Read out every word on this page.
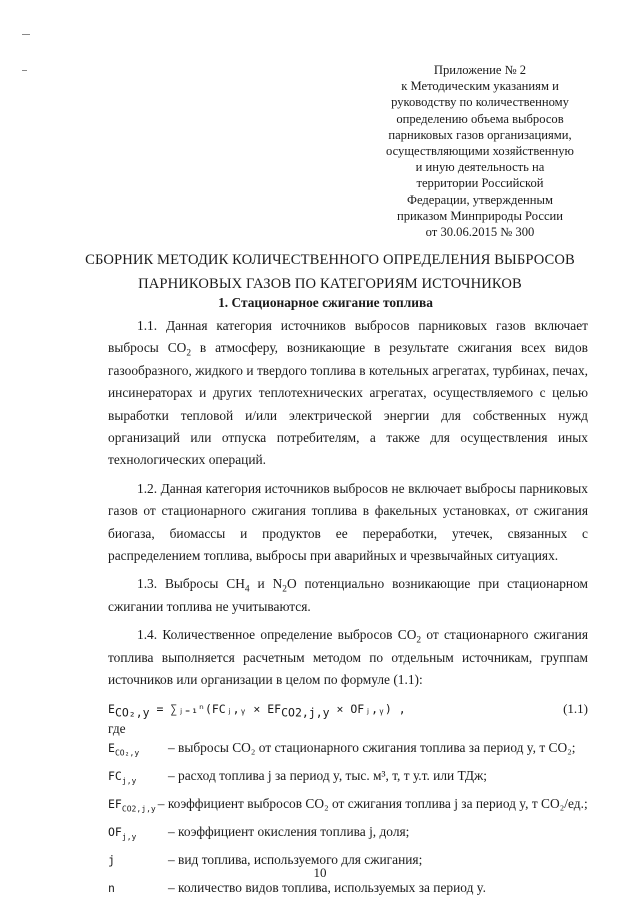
Приложение № 2
к Методическим указаниям и
руководству по количественному
определению объема выбросов
парниковых газов организациями,
осуществляющими хозяйственную
и иную деятельность на
территории Российской
Федерации, утвержденным
приказом Минприроды России
от 30.06.2015 № 300
СБОРНИК МЕТОДИК КОЛИЧЕСТВЕННОГО ОПРЕДЕЛЕНИЯ ВЫБРОСОВ
ПАРНИКОВЫХ ГАЗОВ ПО КАТЕГОРИЯМ ИСТОЧНИКОВ
1. Стационарное сжигание топлива

1.1. Данная категория источников выбросов парниковых газов включает выбросы $CO_2$ в атмосферу, возникающие в результате сжигания всех видов газообразного, жидкого и твердого топлива в котельных агрегатах, турбинах, печах, инсинераторах и других теплотехнических агрегатах, осуществляемого с целью выработки тепловой и/или электрической энергии для собственных нужд организаций или отпуска потребителям, а также для осуществления иных технологических операций.

1.2. Данная категория источников выбросов не включает выбросы парниковых газов от стационарного сжигания топлива в факельных установках, от сжигания биогаза, биомассы и продуктов ее переработки, утечек, связанных с распределением топлива, выбросы при аварийных и чрезвычайных ситуациях.

1.3. Выбросы $CH_4$ и $N_2O$ потенциально возникающие при стационарном сжигании топлива не учитываются.

1.4. Количественное определение выбросов $CO_2$ от стационарного сжигания топлива выполняется расчетным методом по отдельным источникам, группам источников или организации в целом по формуле (1.1):

$E_{CO_2,y}$ = ∑ⱼ₌₁ⁿ(FCⱼ,ᵧ × $EF_{CO2,j,y}$ × OFⱼ,ᵧ) ,	(1.1)
где
$E_{CO_2,y}$	– выбросы CO₂ от стационарного сжигания топлива за период y, т CO₂;
$FC_{j,y}$	– расход топлива j за период y, тыс. м³, т, т у.т. или ТДж;
$EF_{CO2,j,y}$ – коэффициент выбросов CO₂ от сжигания топлива j за период y, т CO₂/ед.;
$OF_{j,y}$	– коэффициент окисления топлива j, доля;
j	– вид топлива, используемого для сжигания;
n	– количество видов топлива, используемых за период y.
10
